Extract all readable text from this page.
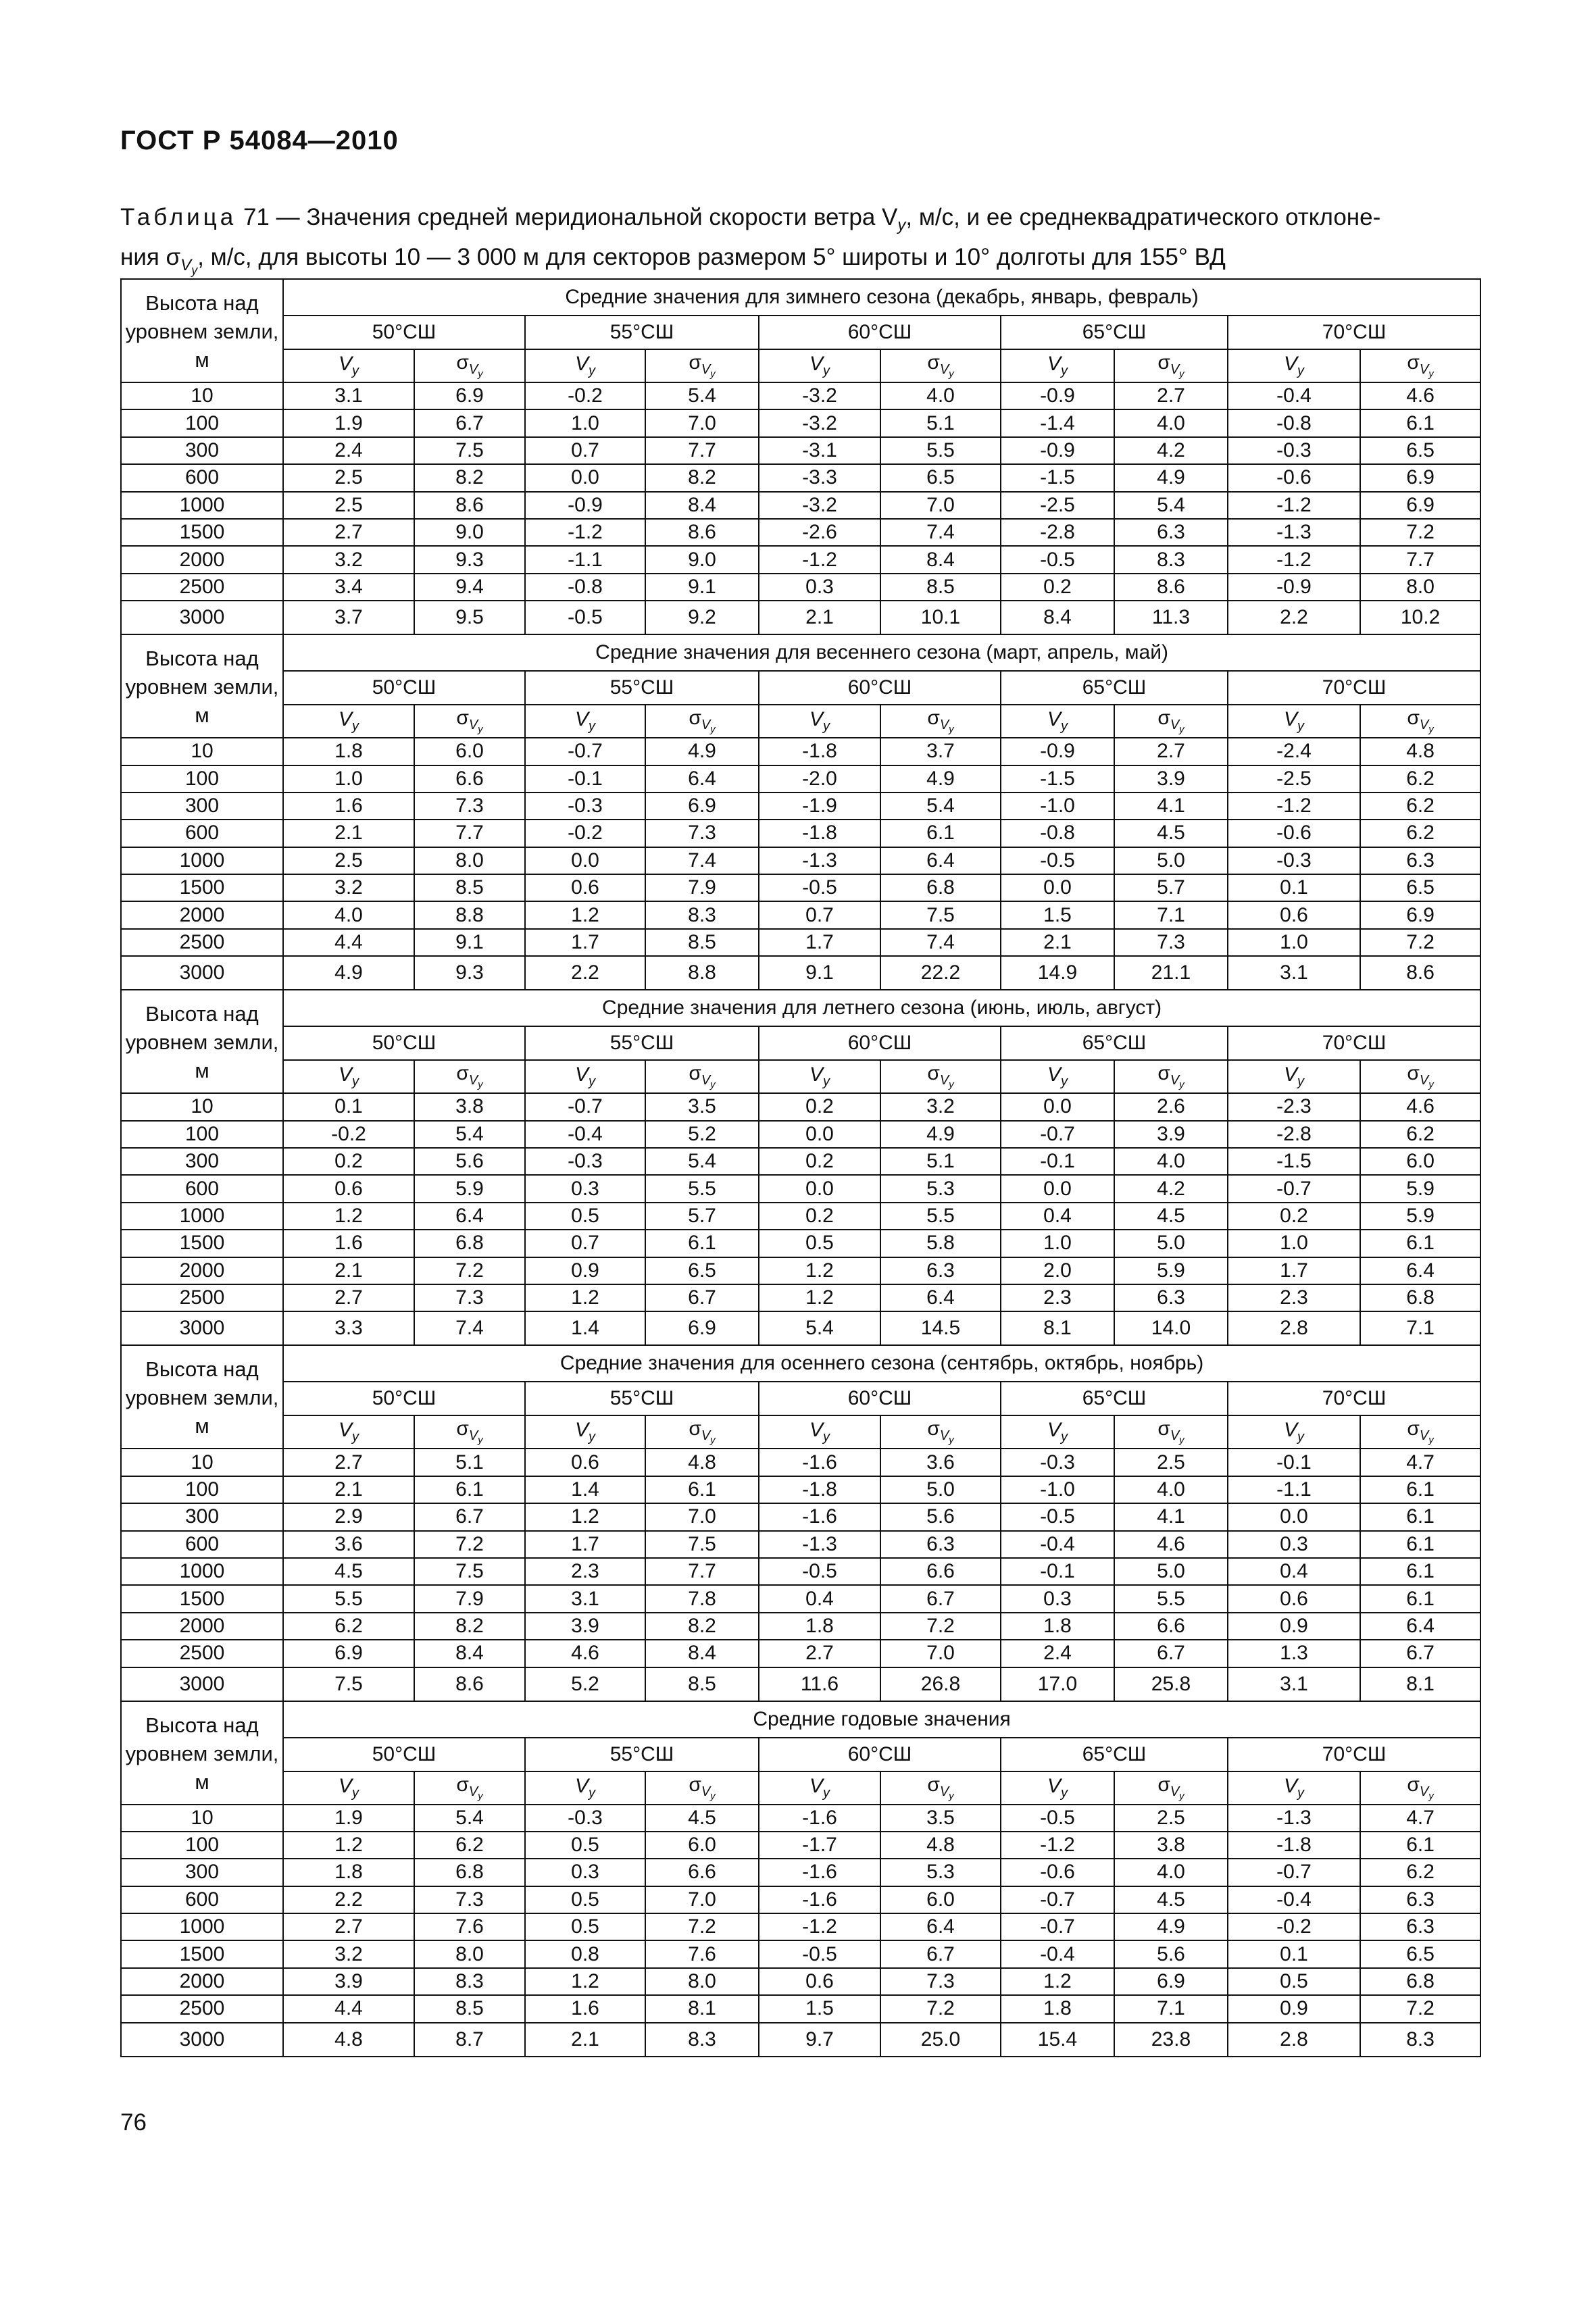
ГОСТ Р 54084—2010
Таблица 71 — Значения средней меридиональной скорости ветра $V_y$, м/с, и ее среднеквадратического отклоне-
ния $\sigma_{V_y}$, м/с, для высоты 10 — 3 000 м для секторов размером 5° широты и 10° долготы для 155° ВД
Высота над уровнем земли, м	Средние значения для зимнего сезона (декабрь, январь, февраль)									
	50°СШ		55°СШ		60°СШ		65°СШ		70°СШ	
	$V_y$	$\sigma_{V_y}$	$V_y$	$\sigma_{V_y}$	$V_y$	$\sigma_{V_y}$	$V_y$	$\sigma_{V_y}$	$V_y$	$\sigma_{V_y}$
10	3.1	6.9	-0.2	5.4	-3.2	4.0	-0.9	2.7	-0.4	4.6
100	1.9	6.7	1.0	7.0	-3.2	5.1	-1.4	4.0	-0.8	6.1
300	2.4	7.5	0.7	7.7	-3.1	5.5	-0.9	4.2	-0.3	6.5
600	2.5	8.2	0.0	8.2	-3.3	6.5	-1.5	4.9	-0.6	6.9
1000	2.5	8.6	-0.9	8.4	-3.2	7.0	-2.5	5.4	-1.2	6.9
1500	2.7	9.0	-1.2	8.6	-2.6	7.4	-2.8	6.3	-1.3	7.2
2000	3.2	9.3	-1.1	9.0	-1.2	8.4	-0.5	8.3	-1.2	7.7
2500	3.4	9.4	-0.8	9.1	0.3	8.5	0.2	8.6	-0.9	8.0
3000	3.7	9.5	-0.5	9.2	2.1	10.1	8.4	11.3	2.2	10.2
Высота над уровнем земли, м	Средние значения для весеннего сезона (март, апрель, май)									
	50°СШ		55°СШ		60°СШ		65°СШ		70°СШ	
	$V_y$	$\sigma_{V_y}$	$V_y$	$\sigma_{V_y}$	$V_y$	$\sigma_{V_y}$	$V_y$	$\sigma_{V_y}$	$V_y$	$\sigma_{V_y}$
10	1.8	6.0	-0.7	4.9	-1.8	3.7	-0.9	2.7	-2.4	4.8
100	1.0	6.6	-0.1	6.4	-2.0	4.9	-1.5	3.9	-2.5	6.2
300	1.6	7.3	-0.3	6.9	-1.9	5.4	-1.0	4.1	-1.2	6.2
600	2.1	7.7	-0.2	7.3	-1.8	6.1	-0.8	4.5	-0.6	6.2
1000	2.5	8.0	0.0	7.4	-1.3	6.4	-0.5	5.0	-0.3	6.3
1500	3.2	8.5	0.6	7.9	-0.5	6.8	0.0	5.7	0.1	6.5
2000	4.0	8.8	1.2	8.3	0.7	7.5	1.5	7.1	0.6	6.9
2500	4.4	9.1	1.7	8.5	1.7	7.4	2.1	7.3	1.0	7.2
3000	4.9	9.3	2.2	8.8	9.1	22.2	14.9	21.1	3.1	8.6
Высота над уровнем земли, м	Средние значения для летнего сезона (июнь, июль, август)									
	50°СШ		55°СШ		60°СШ		65°СШ		70°СШ	
	$V_y$	$\sigma_{V_y}$	$V_y$	$\sigma_{V_y}$	$V_y$	$\sigma_{V_y}$	$V_y$	$\sigma_{V_y}$	$V_y$	$\sigma_{V_y}$
10	0.1	3.8	-0.7	3.5	0.2	3.2	0.0	2.6	-2.3	4.6
100	-0.2	5.4	-0.4	5.2	0.0	4.9	-0.7	3.9	-2.8	6.2
300	0.2	5.6	-0.3	5.4	0.2	5.1	-0.1	4.0	-1.5	6.0
600	0.6	5.9	0.3	5.5	0.0	5.3	0.0	4.2	-0.7	5.9
1000	1.2	6.4	0.5	5.7	0.2	5.5	0.4	4.5	0.2	5.9
1500	1.6	6.8	0.7	6.1	0.5	5.8	1.0	5.0	1.0	6.1
2000	2.1	7.2	0.9	6.5	1.2	6.3	2.0	5.9	1.7	6.4
2500	2.7	7.3	1.2	6.7	1.2	6.4	2.3	6.3	2.3	6.8
3000	3.3	7.4	1.4	6.9	5.4	14.5	8.1	14.0	2.8	7.1
Высота над уровнем земли, м	Средние значения для осеннего сезона (сентябрь, октябрь, ноябрь)									
	50°СШ		55°СШ		60°СШ		65°СШ		70°СШ	
	$V_y$	$\sigma_{V_y}$	$V_y$	$\sigma_{V_y}$	$V_y$	$\sigma_{V_y}$	$V_y$	$\sigma_{V_y}$	$V_y$	$\sigma_{V_y}$
10	2.7	5.1	0.6	4.8	-1.6	3.6	-0.3	2.5	-0.1	4.7
100	2.1	6.1	1.4	6.1	-1.8	5.0	-1.0	4.0	-1.1	6.1
300	2.9	6.7	1.2	7.0	-1.6	5.6	-0.5	4.1	0.0	6.1
600	3.6	7.2	1.7	7.5	-1.3	6.3	-0.4	4.6	0.3	6.1
1000	4.5	7.5	2.3	7.7	-0.5	6.6	-0.1	5.0	0.4	6.1
1500	5.5	7.9	3.1	7.8	0.4	6.7	0.3	5.5	0.6	6.1
2000	6.2	8.2	3.9	8.2	1.8	7.2	1.8	6.6	0.9	6.4
2500	6.9	8.4	4.6	8.4	2.7	7.0	2.4	6.7	1.3	6.7
3000	7.5	8.6	5.2	8.5	11.6	26.8	17.0	25.8	3.1	8.1
Высота над уровнем земли, м	Средние годовые значения									
	50°СШ		55°СШ		60°СШ		65°СШ		70°СШ	
	$V_y$	$\sigma_{V_y}$	$V_y$	$\sigma_{V_y}$	$V_y$	$\sigma_{V_y}$	$V_y$	$\sigma_{V_y}$	$V_y$	$\sigma_{V_y}$
10	1.9	5.4	-0.3	4.5	-1.6	3.5	-0.5	2.5	-1.3	4.7
100	1.2	6.2	0.5	6.0	-1.7	4.8	-1.2	3.8	-1.8	6.1
300	1.8	6.8	0.3	6.6	-1.6	5.3	-0.6	4.0	-0.7	6.2
600	2.2	7.3	0.5	7.0	-1.6	6.0	-0.7	4.5	-0.4	6.3
1000	2.7	7.6	0.5	7.2	-1.2	6.4	-0.7	4.9	-0.2	6.3
1500	3.2	8.0	0.8	7.6	-0.5	6.7	-0.4	5.6	0.1	6.5
2000	3.9	8.3	1.2	8.0	0.6	7.3	1.2	6.9	0.5	6.8
2500	4.4	8.5	1.6	8.1	1.5	7.2	1.8	7.1	0.9	7.2
3000	4.8	8.7	2.1	8.3	9.7	25.0	15.4	23.8	2.8	8.3
76
